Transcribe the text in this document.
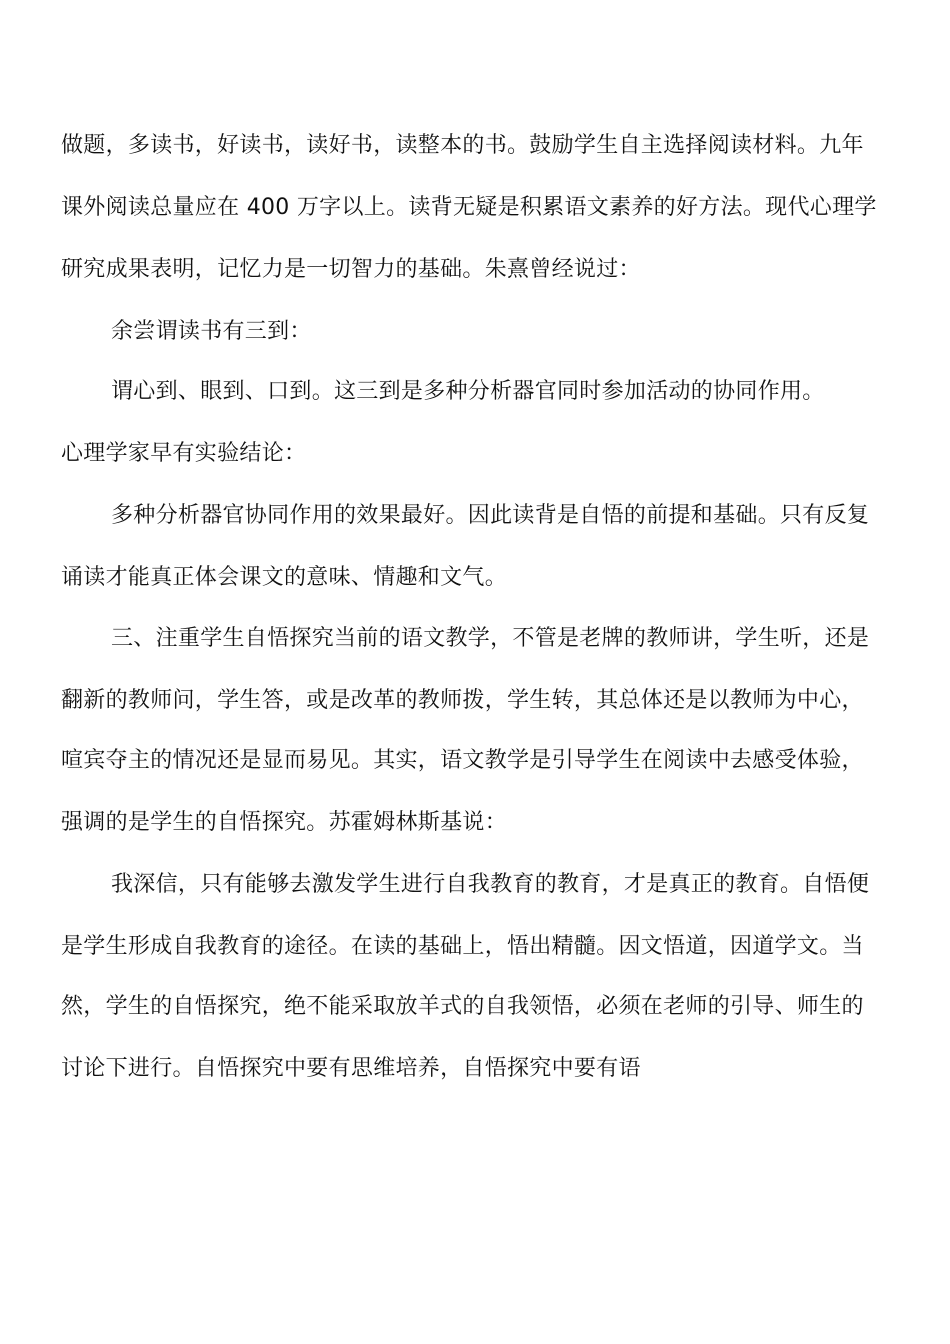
做题，多读书，好读书，读好书，读整本的书。鼓励学生自主选择阅读材料。九年
课外阅读总量应在 400 万字以上。读背无疑是积累语文素养的好方法。现代心理学
研究成果表明，记忆力是一切智力的基础。朱熹曾经说过：
余尝谓读书有三到：
谓心到、眼到、口到。这三到是多种分析器官同时参加活动的协同作用。
心理学家早有实验结论：
多种分析器官协同作用的效果最好。因此读背是自悟的前提和基础。只有反复
诵读才能真正体会课文的意味、情趣和文气。
三、注重学生自悟探究当前的语文教学，不管是老牌的教师讲，学生听，还是
翻新的教师问，学生答，或是改革的教师拨，学生转，其总体还是以教师为中心，
喧宾夺主的情况还是显而易见。其实，语文教学是引导学生在阅读中去感受体验，
强调的是学生的自悟探究。苏霍姆林斯基说：
我深信，只有能够去激发学生进行自我教育的教育，才是真正的教育。自悟便
是学生形成自我教育的途径。在读的基础上，悟出精髓。因文悟道，因道学文。当
然，学生的自悟探究，绝不能采取放羊式的自我领悟，必须在老师的引导、师生的
讨论下进行。自悟探究中要有思维培养，自悟探究中要有语
